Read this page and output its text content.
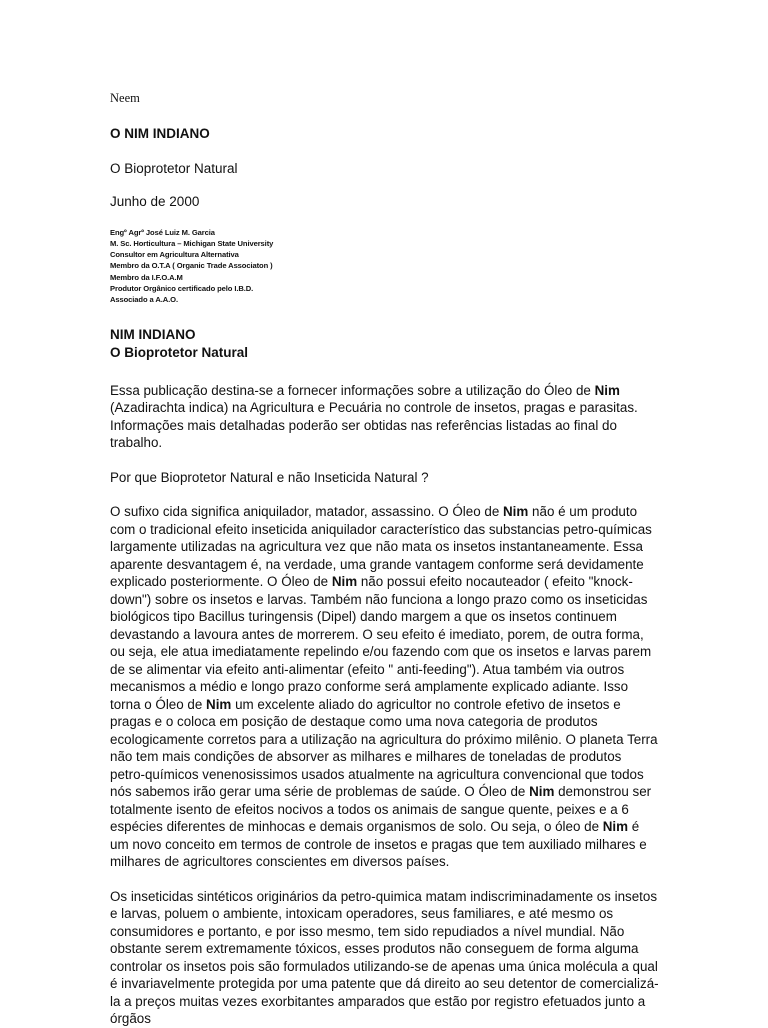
Neem

O NIM INDIANO

O Bioprotetor Natural

Junho de 2000

Engº Agrº José Luiz M. Garcia
M. Sc. Horticultura – Michigan State University
Consultor em Agricultura Alternativa
Membro da O.T.A ( Organic Trade Associaton )
Membro da I.F.O.A.M
Produtor Orgânico certificado pelo I.B.D.
Associado a A.A.O.
NIM INDIANO
O Bioprotetor Natural

Essa publicação destina-se a fornecer informações sobre a utilização do Óleo de Nim (Azadirachta indica) na Agricultura e Pecuária no controle de insetos, pragas e parasitas. Informações mais detalhadas poderão ser obtidas nas referências listadas ao final do trabalho.

Por que Bioprotetor Natural e não Inseticida Natural ?

O sufixo cida significa aniquilador, matador, assassino. O Óleo de Nim não é um produto com o tradicional efeito inseticida aniquilador característico das substancias petro-químicas largamente utilizadas na agricultura vez que não mata os insetos instantaneamente. Essa aparente desvantagem é, na verdade, uma grande vantagem conforme será devidamente explicado posteriormente. O Óleo de Nim não possui efeito nocauteador ( efeito "knock-down") sobre os insetos e larvas. Também não funciona a longo prazo como os inseticidas biológicos tipo Bacillus turingensis (Dipel) dando margem a que os insetos continuem devastando a lavoura antes de morrerem. O seu efeito é imediato, porem, de outra forma, ou seja, ele atua imediatamente repelindo e/ou fazendo com que os insetos e larvas parem de se alimentar via efeito anti-alimentar (efeito " anti-feeding"). Atua também via outros mecanismos a médio e longo prazo conforme será amplamente explicado adiante. Isso torna o Óleo de Nim um excelente aliado do agricultor no controle efetivo de insetos e pragas e o coloca em posição de destaque como uma nova categoria de produtos ecologicamente corretos para a utilização na agricultura do próximo milênio. O planeta Terra não tem mais condições de absorver as milhares e milhares de toneladas de produtos petro-químicos venenosissimos usados atualmente na agricultura convencional que todos nós sabemos irão gerar uma série de problemas de saúde. O Óleo de Nim demonstrou ser totalmente isento de efeitos nocivos a todos os animais de sangue quente, peixes e a 6 espécies diferentes de minhocas e demais organismos de solo. Ou seja, o óleo de Nim é um novo conceito em termos de controle de insetos e pragas que tem auxiliado milhares e milhares de agricultores conscientes em diversos países.

Os inseticidas sintéticos originários da petro-quimica matam indiscriminadamente os insetos e larvas, poluem o ambiente, intoxicam operadores, seus familiares, e até mesmo os consumidores e portanto, e por isso mesmo, tem sido repudiados a nível mundial. Não obstante serem extremamente tóxicos, esses produtos não conseguem de forma alguma controlar os insetos pois são formulados utilizando-se de apenas uma única molécula a qual é invariavelmente protegida por uma patente que dá direito ao seu detentor de comercializá-la a preços muitas vezes exorbitantes amparados que estão por registro efetuados junto a órgãos
